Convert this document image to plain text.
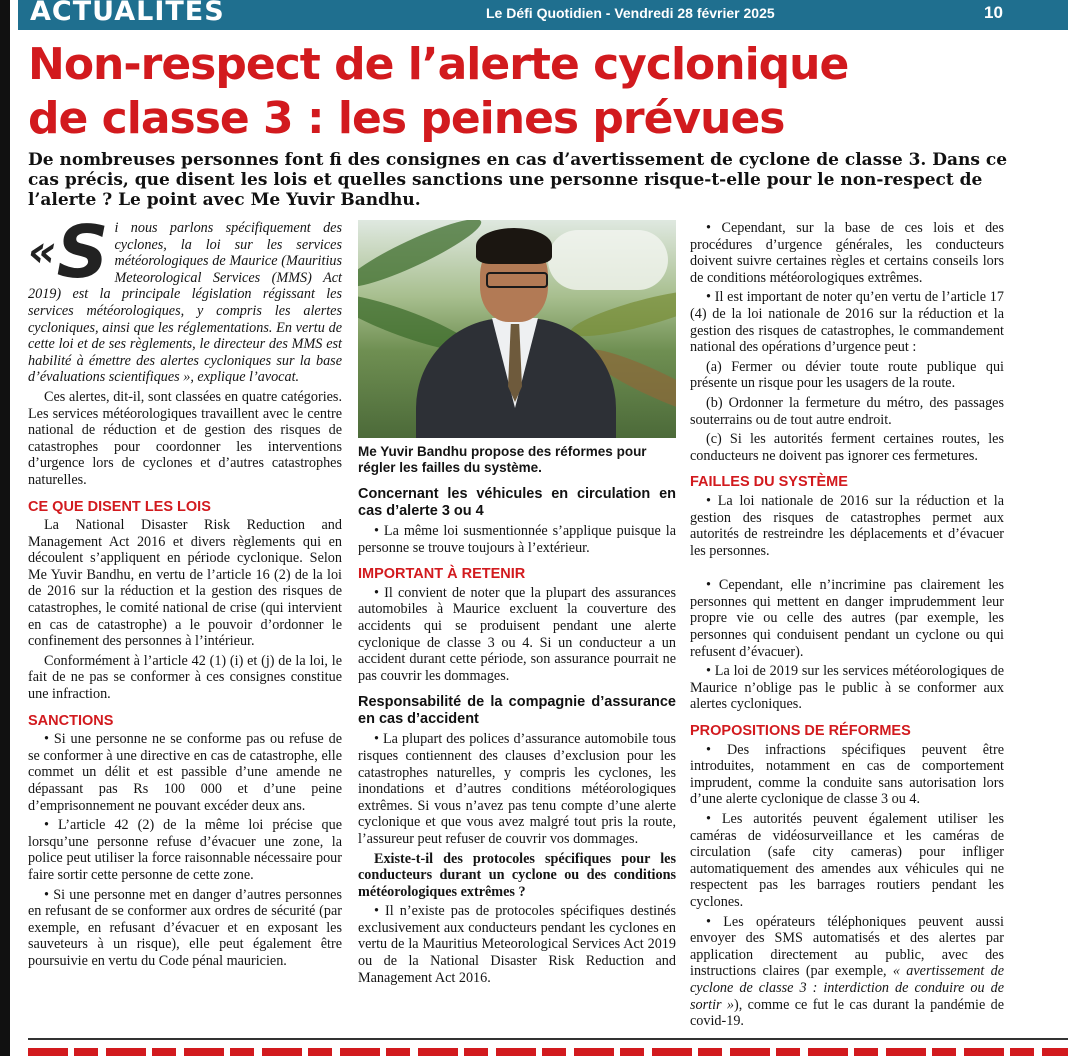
ACTUALITES	Le Défi Quotidien - Vendredi 28 février 2025	10
Non-respect de l’alerte cyclonique
de classe 3 : les peines prévues
De nombreuses personnes font fi des consignes en cas d’avertissement de cyclone de classe 3. Dans ce cas précis, que disent les lois et quelles sanctions une personne risque-t-elle pour le non-respect de l’alerte ? Le point avec Me Yuvir Bandhu.

«S i nous parlons spécifiquement des cyclones, la loi sur les services météorologiques de Maurice (Mauritius Meteorological Services (MMS) Act 2019) est la principale législation régissant les services météorologiques, y compris les alertes cycloniques, ainsi que les réglementations. En vertu de cette loi et de ses règlements, le directeur des MMS est habilité à émettre des alertes cycloniques sur la base d’évaluations scientifiques », explique l’avocat.

Ces alertes, dit-il, sont classées en quatre catégories. Les services météorologiques travaillent avec le centre national de réduction et de gestion des risques de catastrophes pour coordonner les interventions d’urgence lors de cyclones et d’autres catastrophes naturelles.

CE QUE DISENT LES LOIS

La National Disaster Risk Reduction and Management Act 2016 et divers règlements qui en découlent s’appliquent en période cyclonique. Selon Me Yuvir Bandhu, en vertu de l’article 16 (2) de la loi de 2016 sur la réduction et la gestion des risques de catastrophes, le comité national de crise (qui intervient en cas de catastrophe) a le pouvoir d’ordonner le confinement des personnes à l’intérieur.

Conformément à l’article 42 (1) (i) et (j) de la loi, le fait de ne pas se conformer à ces consignes constitue une infraction.

SANCTIONS

• Si une personne ne se conforme pas ou refuse de se conformer à une directive en cas de catastrophe, elle commet un délit et est passible d’une amende ne dépassant pas Rs 100 000 et d’une peine d’emprisonnement ne pouvant excéder deux ans.

• L’article 42 (2) de la même loi précise que lorsqu’une personne refuse d’évacuer une zone, la police peut utiliser la force raisonnable nécessaire pour faire sortir cette personne de cette zone.

• Si une personne met en danger d’autres personnes en refusant de se conformer aux ordres de sécurité (par exemple, en refusant d’évacuer et en exposant les sauveteurs à un risque), elle peut également être poursuivie en vertu du Code pénal mauricien.

Me Yuvir Bandhu propose des réformes pour régler les failles du système.
Concernant les véhicules en circulation en cas d’alerte 3 ou 4

• La même loi susmentionnée s’applique puisque la personne se trouve toujours à l’extérieur.

IMPORTANT À RETENIR

• Il convient de noter que la plupart des assurances automobiles à Maurice excluent la couverture des accidents qui se produisent pendant une alerte cyclonique de classe 3 ou 4. Si un conducteur a un accident durant cette période, son assurance pourrait ne pas couvrir les dommages.

Responsabilité de la compagnie d’assurance en cas d’accident

• La plupart des polices d’assurance automobile tous risques contiennent des clauses d’exclusion pour les catastrophes naturelles, y compris les cyclones, les inondations et d’autres conditions météorologiques extrêmes. Si vous n’avez pas tenu compte d’une alerte cyclonique et que vous avez malgré tout pris la route, l’assureur peut refuser de couvrir vos dommages.

Existe-t-il des protocoles spécifiques pour les conducteurs durant un cyclone ou des conditions météorologiques extrêmes ?

• Il n’existe pas de protocoles spécifiques destinés exclusivement aux conducteurs pendant les cyclones en vertu de la Mauritius Meteorological Services Act 2019 ou de la National Disaster Risk Reduction and Management Act 2016.

• Cependant, sur la base de ces lois et des procédures d’urgence générales, les conducteurs doivent suivre certaines règles et certains conseils lors de conditions météorologiques extrêmes.

• Il est important de noter qu’en vertu de l’article 17 (4) de la loi nationale de 2016 sur la réduction et la gestion des risques de catastrophes, le commandement national des opérations d’urgence peut :

(a) Fermer ou dévier toute route publique qui présente un risque pour les usagers de la route.

(b) Ordonner la fermeture du métro, des passages souterrains ou de tout autre endroit.

(c) Si les autorités ferment certaines routes, les conducteurs ne doivent pas ignorer ces fermetures.

FAILLES DU SYSTÈME

• La loi nationale de 2016 sur la réduction et la gestion des risques de catastrophes permet aux autorités de restreindre les déplacements et d’évacuer les personnes.

• Cependant, elle n’incrimine pas clairement les personnes qui mettent en danger imprudemment leur propre vie ou celle des autres (par exemple, les personnes qui conduisent pendant un cyclone ou qui refusent d’évacuer).

• La loi de 2019 sur les services météorologiques de Maurice n’oblige pas le public à se conformer aux alertes cycloniques.

PROPOSITIONS DE RÉFORMES

• Des infractions spécifiques peuvent être introduites, notamment en cas de comportement imprudent, comme la conduite sans autorisation lors d’une alerte cyclonique de classe 3 ou 4.

• Les autorités peuvent également utiliser les caméras de vidéosurveillance et les caméras de circulation (safe city cameras) pour infliger automatiquement des amendes aux véhicules qui ne respectent pas les barrages routiers pendant les cyclones.

• Les opérateurs téléphoniques peuvent aussi envoyer des SMS automatisés et des alertes par application directement au public, avec des instructions claires (par exemple, « avertissement de cyclone de classe 3 : interdiction de conduire ou de sortir »), comme ce fut le cas durant la pandémie de covid-19.
